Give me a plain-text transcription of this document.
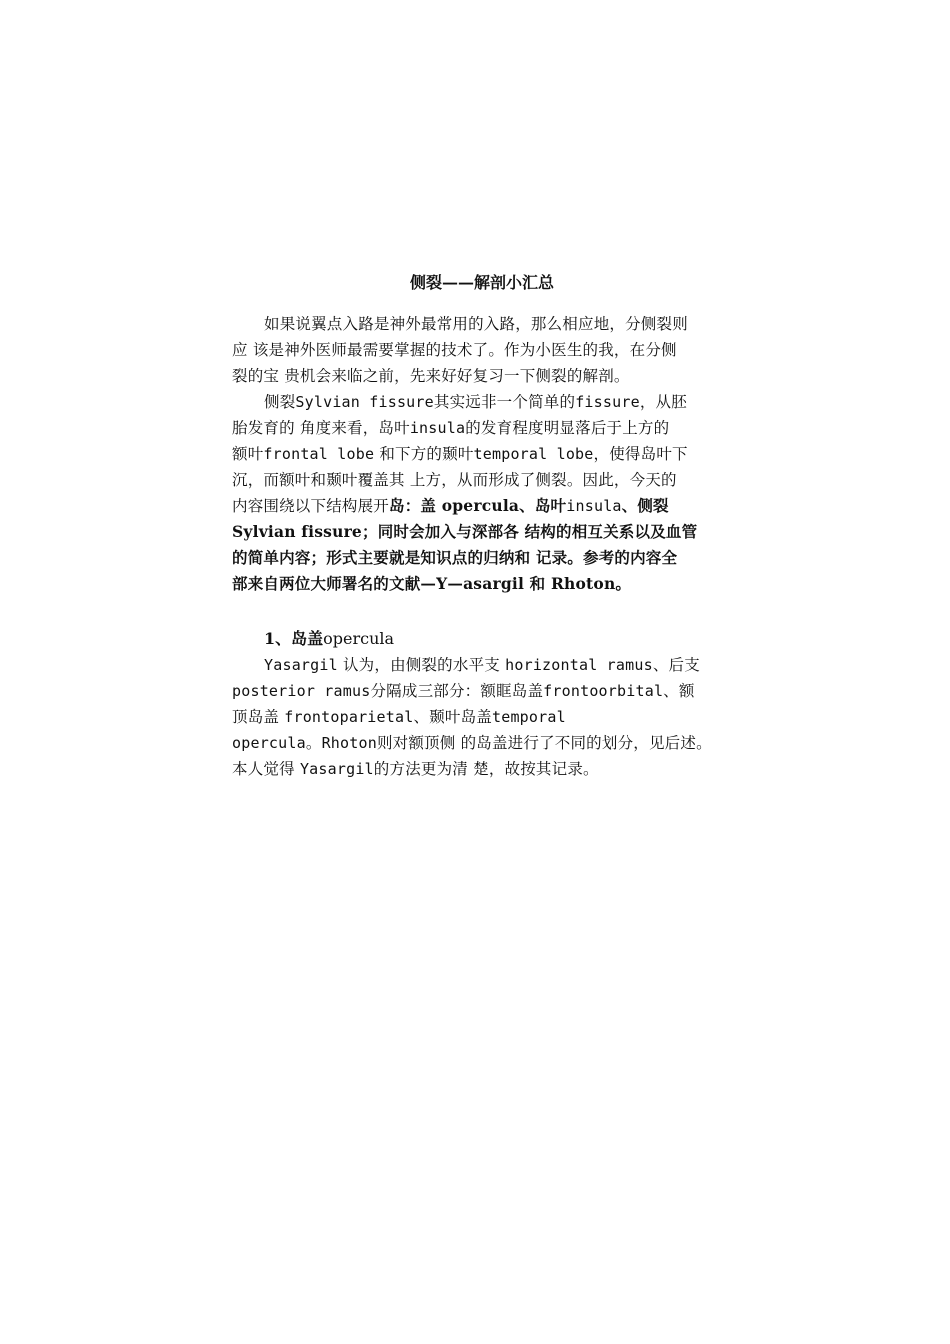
侧裂——解剖小汇总
如果说翼点入路是神外最常用的入路，那么相应地，分侧裂则
应 该是神外医师最需要掌握的技术了。作为小医生的我，在分侧
裂的宝 贵机会来临之前，先来好好复习一下侧裂的解剖。
侧裂Sylvian fissure其实远非一个简单的fissure，从胚
胎发育的 角度来看，岛叶insula的发育程度明显落后于上方的
额叶frontal lobe 和下方的颞叶temporal lobe，使得岛叶下
沉，而额叶和颞叶覆盖其 上方，从而形成了侧裂。因此，今天的
内容围绕以下结构展开岛：盖 opercula、岛叶insula、侧裂
Sylvian fissure；同时会加入与深部各 结构的相互关系以及血管
的简单内容；形式主要就是知识点的归纳和 记录。参考的内容全
部来自两位大师署名的文献—Y—asargil 和 Rhoton。
1、岛盖opercula
Yasargil 认为，由侧裂的水平支 horizontal ramus、后支
posterior ramus分隔成三部分：额眶岛盖frontoorbital、额
顶岛盖 frontoparietal、颞叶岛盖temporal
opercula。Rhoton则对额顶侧 的岛盖进行了不同的划分，见后述。
本人觉得 Yasargil的方法更为清 楚，故按其记录。
